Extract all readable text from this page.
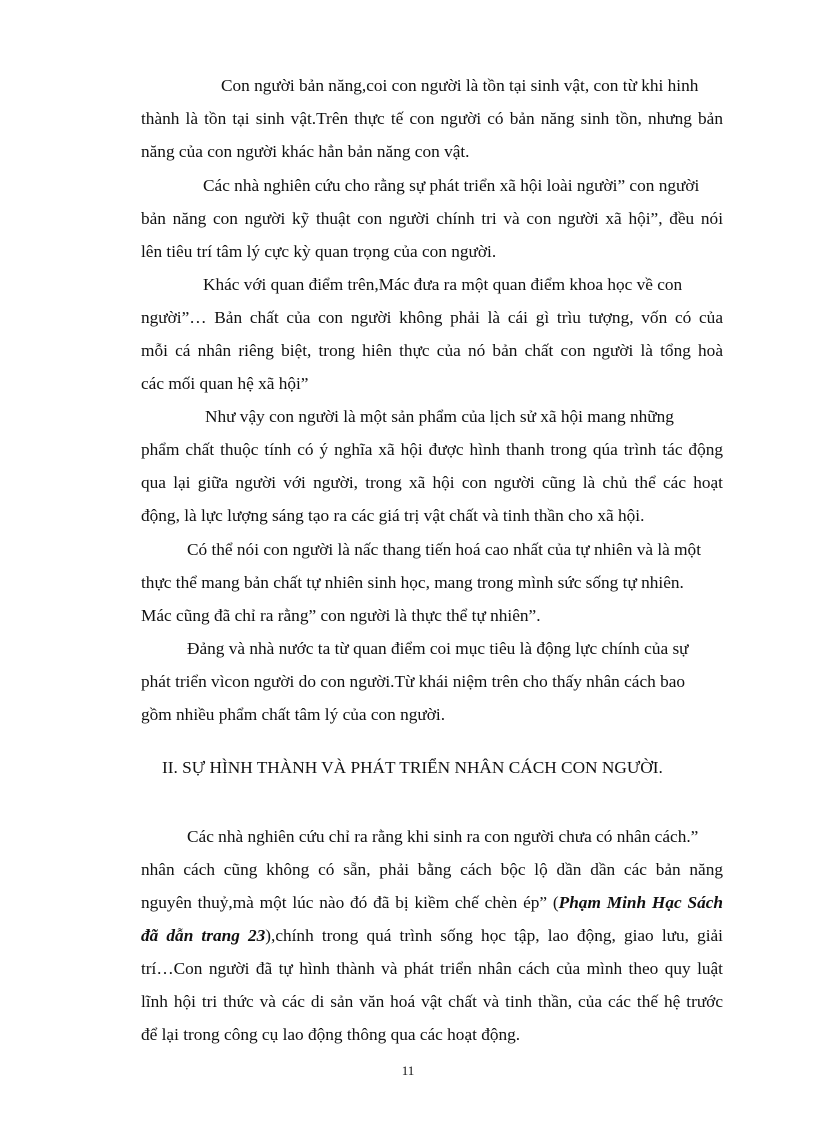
Con người bản năng,coi con người là tồn tại sinh vật, con từ khi hinh

thành là tồn tại sinh vật.Trên thực tế con người có bản năng sinh tồn, nhưng bản

năng của con người khác hẳn bản năng con vật.

Các nhà nghiên cứu cho rằng sự phát triển xã hội loài người” con người

bản năng con người kỹ thuật con người chính tri và con người xã hội”, đều nói

lên tiêu trí tâm lý cực kỳ quan trọng của con người.

Khác với quan điểm trên,Mác đưa ra một quan điểm khoa học về con

người”… Bản chất của con người không phải là cái gì trìu tượng, vốn có của

mỗi cá nhân riêng biệt, trong hiên thực của nó bản chất con người là tổng hoà

các mối quan hệ xã hội”

Như vậy con người là một sản phẩm của lịch sử xã hội mang những

phẩm chất thuộc tính có ý nghĩa xã hội được hình thanh trong qúa trình tác động

qua lại giữa người với người, trong xã hội con người cũng là chủ thể các hoạt

động, là lực lượng sáng tạo ra các giá trị vật chất và tinh thần cho xã hội.

Có thể nói con người là nấc thang tiến hoá cao nhất của tự nhiên và là một

thực thể mang bản chất tự nhiên sinh học, mang trong mình sức sống tự nhiên.

Mác cũng đã chỉ ra rằng” con người là thực thể tự nhiên”.

Đảng và nhà nước ta từ quan điểm coi mục tiêu là động lực chính của sự

phát triển vìcon người do con người.Từ khái niệm trên cho thấy nhân cách bao

gồm nhiều phẩm chất tâm lý của con người.

II. SỰ HÌNH THÀNH VÀ PHÁT TRIỂN NHÂN CÁCH CON NGƯỜI.

Các nhà nghiên cứu chỉ ra rằng khi sinh ra con người chưa có nhân cách.”

nhân cách cũng không có sẵn, phải bằng cách bộc lộ dần dần các bản năng

nguyên thuỷ,mà một lúc nào đó đã bị kiềm chế chèn ép” (Phạm Minh Hạc Sách

đã dẫn trang 23),chính trong quá trình sống học tập, lao động, giao lưu, giải

trí…Con người đã tự hình thành và phát triển nhân cách của mình theo quy luật

lĩnh hội tri thức và các di sản văn hoá vật chất và tinh thần, của các thế hệ trước

để lại trong công cụ lao động thông qua các hoạt động.

11
